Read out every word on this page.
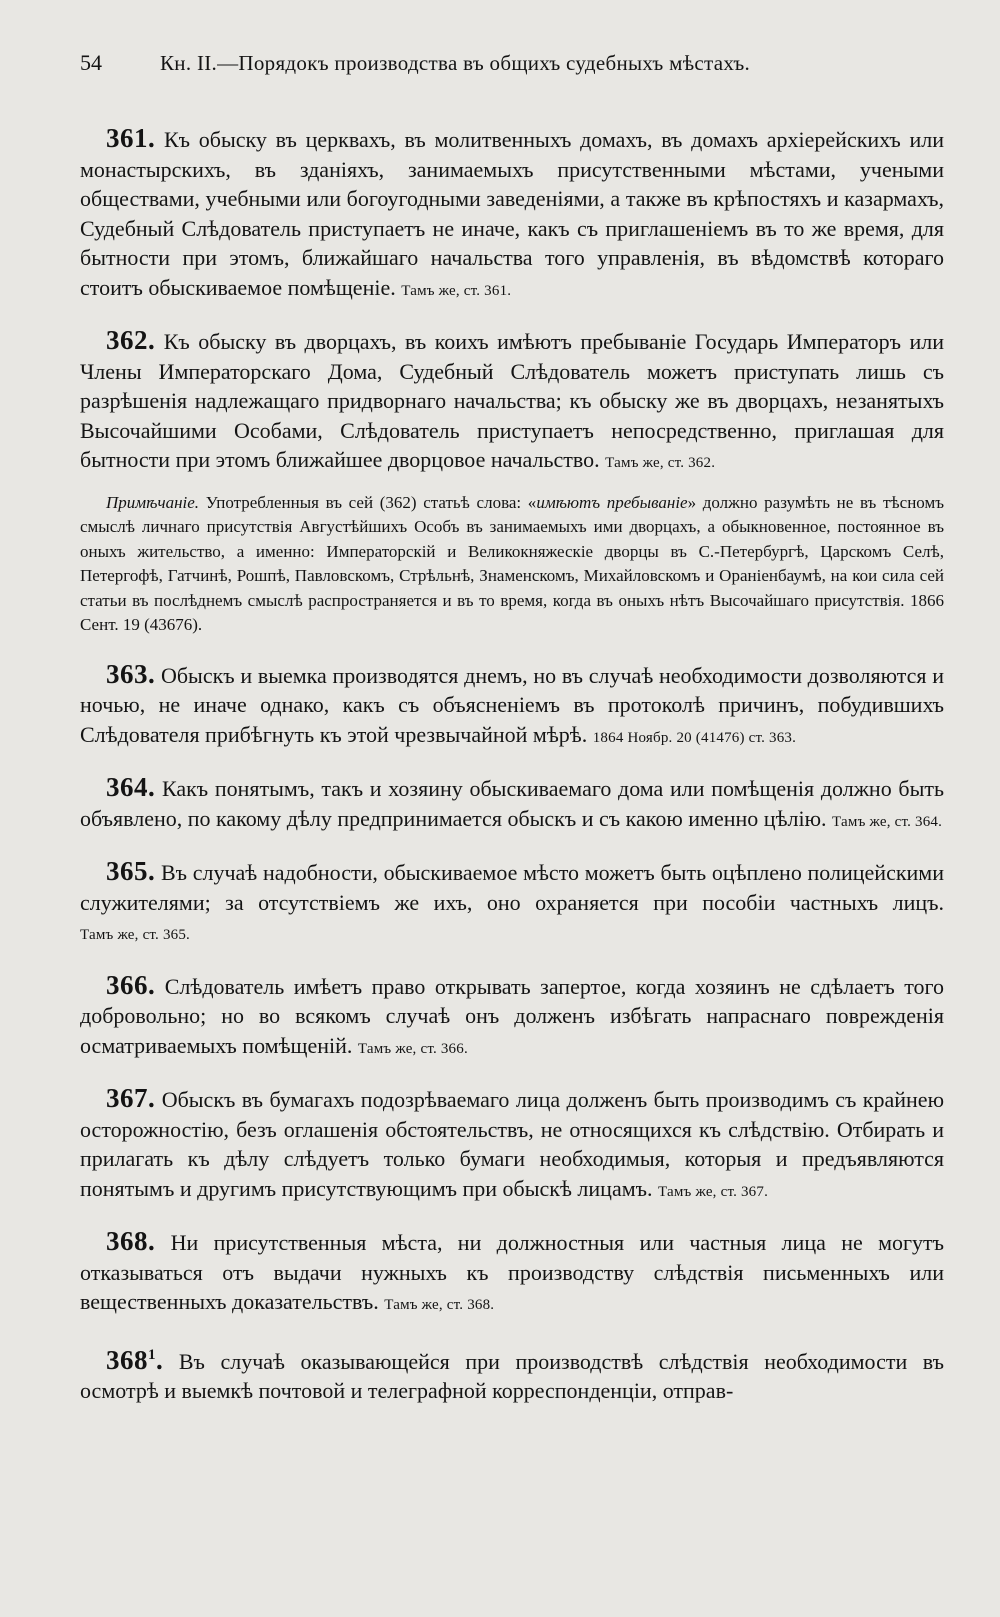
54	Кн. II.—Порядокъ производства въ общихъ судебныхъ мѣстахъ.

361. Къ обыску въ церквахъ, въ молитвенныхъ домахъ, въ домахъ архіерейскихъ или монастырскихъ, въ зданіяхъ, занимаемыхъ присутственными мѣстами, учеными обществами, учебными или богоугодными заведеніями, а также въ крѣпостяхъ и казармахъ, Судебный Слѣдователь приступаетъ не иначе, какъ съ приглашеніемъ въ то же время, для бытности при этомъ, ближайшаго начальства того управленія, въ вѣдомствѣ котораго стоитъ обыскиваемое помѣщеніе. Тамъ же, ст. 361.

362. Къ обыску въ дворцахъ, въ коихъ имѣютъ пребываніе Государь Императоръ или Члены Императорскаго Дома, Судебный Слѣдователь можетъ приступать лишь съ разрѣшенія надлежащаго придворнаго начальства; къ обыску же въ дворцахъ, незанятыхъ Высочайшими Особами, Слѣдователь приступаетъ непосредственно, приглашая для бытности при этомъ ближайшее дворцовое начальство. Тамъ же, ст. 362.

Примѣчаніе. Употребленныя въ сей (362) статьѣ слова: «имѣютъ пребываніе» должно разумѣть не въ тѣсномъ смыслѣ личнаго присутствія Августѣйшихъ Особъ въ занимаемыхъ ими дворцахъ, а обыкновенное, постоянное въ оныхъ жительство, а именно: Императорскій и Великокняжескіе дворцы въ С.-Петербургѣ, Царскомъ Селѣ, Петергофѣ, Гатчинѣ, Рошпѣ, Павловскомъ, Стрѣльнѣ, Знаменскомъ, Михайловскомъ и Ораніенбаумѣ, на кои сила сей статьи въ послѣднемъ смыслѣ распространяется и въ то время, когда въ оныхъ нѣтъ Высочайшаго присутствія. 1866 Сент. 19 (43676).

363. Обыскъ и выемка производятся днемъ, но въ случаѣ необходимости дозволяются и ночью, не иначе однако, какъ съ объясненіемъ въ протоколѣ причинъ, побудившихъ Слѣдователя прибѣгнуть къ этой чрезвычайной мѣрѣ. 1864 Ноябр. 20 (41476) ст. 363.

364. Какъ понятымъ, такъ и хозяину обыскиваемаго дома или помѣщенія должно быть объявлено, по какому дѣлу предпринимается обыскъ и съ какою именно цѣлію. Тамъ же, ст. 364.

365. Въ случаѣ надобности, обыскиваемое мѣсто можетъ быть оцѣплено полицейскими служителями; за отсутствіемъ же ихъ, оно охраняется при пособіи частныхъ лицъ. Тамъ же, ст. 365.

366. Слѣдователь имѣетъ право открывать запертое, когда хозяинъ не сдѣлаетъ того добровольно; но во всякомъ случаѣ онъ долженъ избѣгать напраснаго поврежденія осматриваемыхъ помѣщеній. Тамъ же, ст. 366.

367. Обыскъ въ бумагахъ подозрѣваемаго лица долженъ быть производимъ съ крайнею осторожностію, безъ оглашенія обстоятельствъ, не относящихся къ слѣдствію. Отбирать и прилагать къ дѣлу слѣдуетъ только бумаги необходимыя, которыя и предъявляются понятымъ и другимъ присутствующимъ при обыскѣ лицамъ. Тамъ же, ст. 367.

368. Ни присутственныя мѣста, ни должностныя или частныя лица не могутъ отказываться отъ выдачи нужныхъ къ производству слѣдствія письменныхъ или вещественныхъ доказательствъ. Тамъ же, ст. 368.

$368^1$. Въ случаѣ оказывающейся при производствѣ слѣдствія необходимости въ осмотрѣ и выемкѣ почтовой и телеграфной корреспонденціи, отправ-
